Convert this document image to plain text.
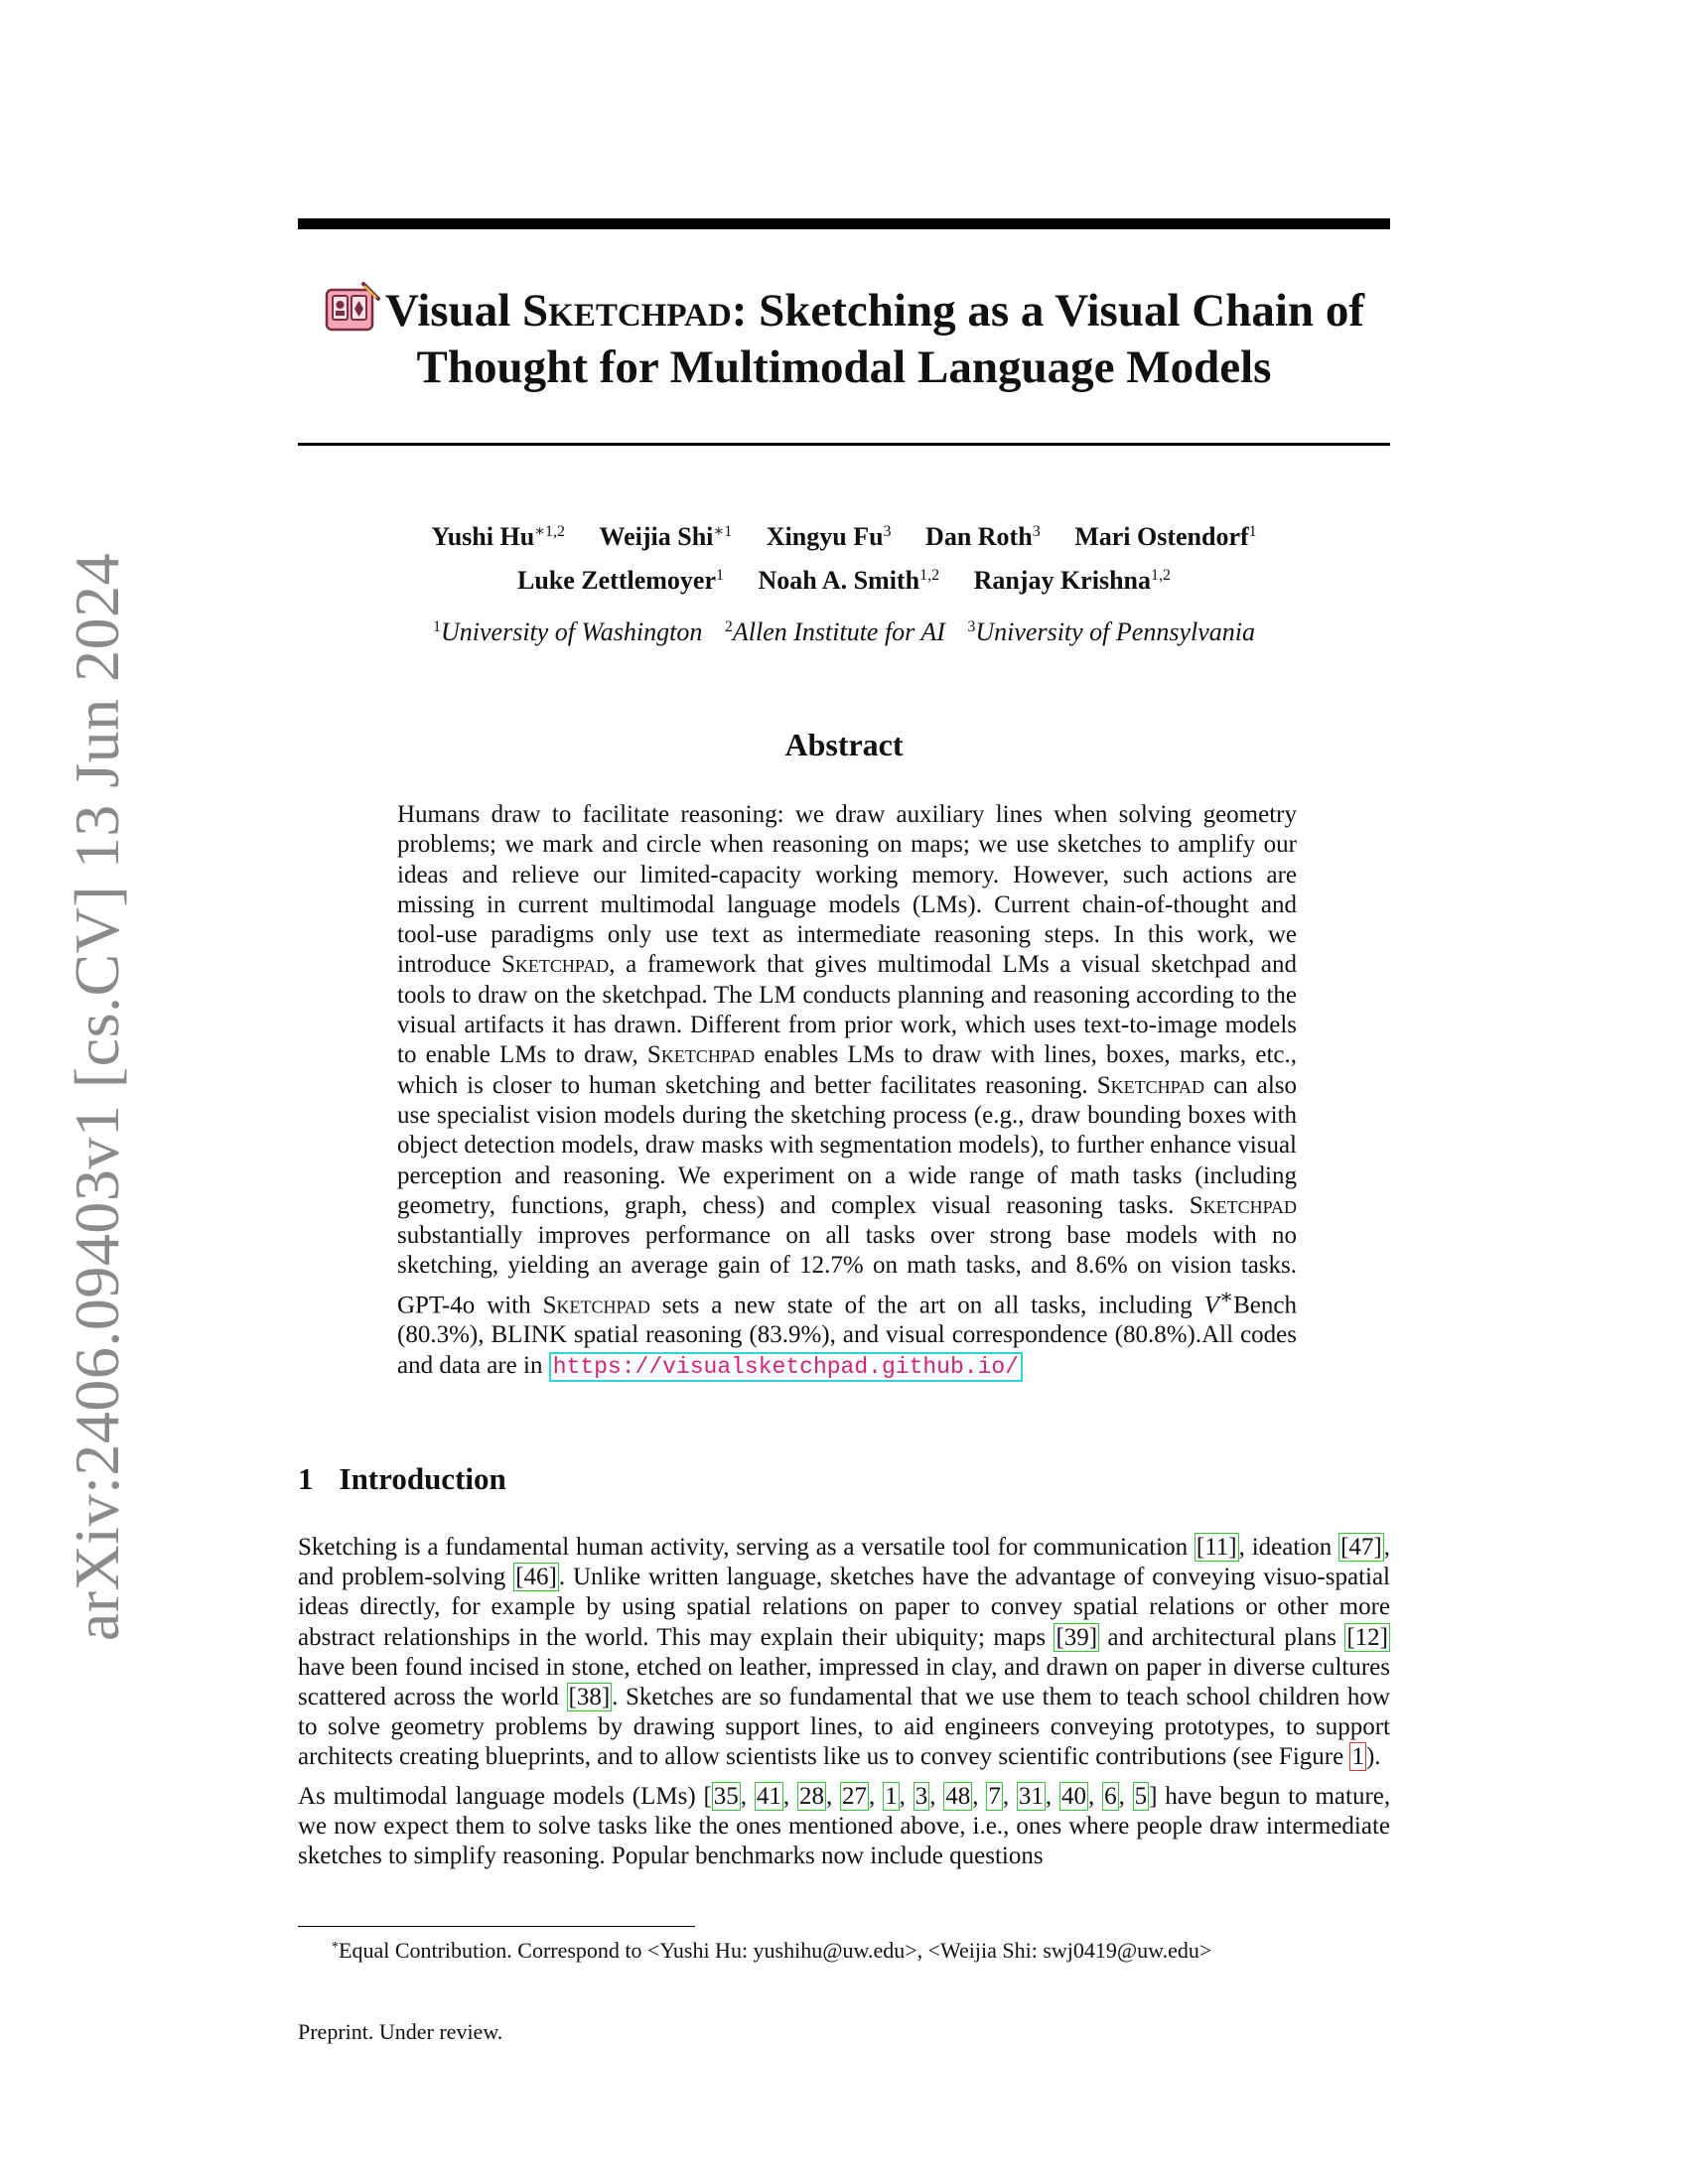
arXiv:2406.09403v1 [cs.CV] 13 Jun 2024
Visual Sketchpad: Sketching as a Visual Chain of
Thought for Multimodal Language Models
Yushi $Hu^{∗1,2}$ Weijia Shi$^{∗1}$ Xingyu Fu$^3$ Dan Roth$^3$ Mari Ostendorf$^1$
Luke Zettlemoyer$^1$ Noah A. Smith$^{1,2}$ Ranjay Krishna$^{1,2}$
$^1$University of Washington $^2$Allen Institute for AI $^3$University of Pennsylvania
Abstract
Humans draw to facilitate reasoning: we draw auxiliary lines when solving geometry problems; we mark and circle when reasoning on maps; we use sketches to amplify our ideas and relieve our limited-capacity working memory. However, such actions are missing in current multimodal language models (LMs). Current chain-of-thought and tool-use paradigms only use text as intermediate reasoning steps. In this work, we introduce Sketchpad, a framework that gives multimodal LMs a visual sketchpad and tools to draw on the sketchpad. The LM conducts planning and reasoning according to the visual artifacts it has drawn. Different from prior work, which uses text-to-image models to enable LMs to draw, Sketchpad enables LMs to draw with lines, boxes, marks, etc., which is closer to human sketching and better facilitates reasoning. Sketchpad can also use specialist vision models during the sketching process (e.g., draw bounding boxes with object detection models, draw masks with segmentation models), to further enhance visual perception and reasoning. We experiment on a wide range of math tasks (including geometry, functions, graph, chess) and complex visual reasoning tasks. Sketchpad substantially improves performance on all tasks over strong base models with no sketching, yielding an average gain of 12.7% on math tasks, and 8.6% on vision tasks. GPT-4o with Sketchpad sets a new state of the art on all tasks, including V∗Bench (80.3%), BLINK spatial reasoning (83.9%), and visual correspondence (80.8%).All codes and data are in https://visualsketchpad.github.io/
1 Introduction

Sketching is a fundamental human activity, serving as a versatile tool for communication [11], ideation [47], and problem-solving [46]. Unlike written language, sketches have the advantage of conveying visuo-spatial ideas directly, for example by using spatial relations on paper to convey spatial relations or other more abstract relationships in the world. This may explain their ubiquity; maps [39] and architectural plans [12] have been found incised in stone, etched on leather, impressed in clay, and drawn on paper in diverse cultures scattered across the world [38]. Sketches are so fundamental that we use them to teach school children how to solve geometry problems by drawing support lines, to aid engineers conveying prototypes, to support architects creating blueprints, and to allow scientists like us to convey scientific contributions (see Figure 1).

As multimodal language models (LMs) [35, 41, 28, 27, 1, 3, 48, 7, 31, 40, 6, 5] have begun to mature, we now expect them to solve tasks like the ones mentioned above, i.e., ones where people draw intermediate sketches to simplify reasoning. Popular benchmarks now include questions

*Equal Contribution. Correspond to <Yushi Hu: yushihu@uw.edu>, <Weijia Shi: swj0419@uw.edu>
Preprint. Under review.
